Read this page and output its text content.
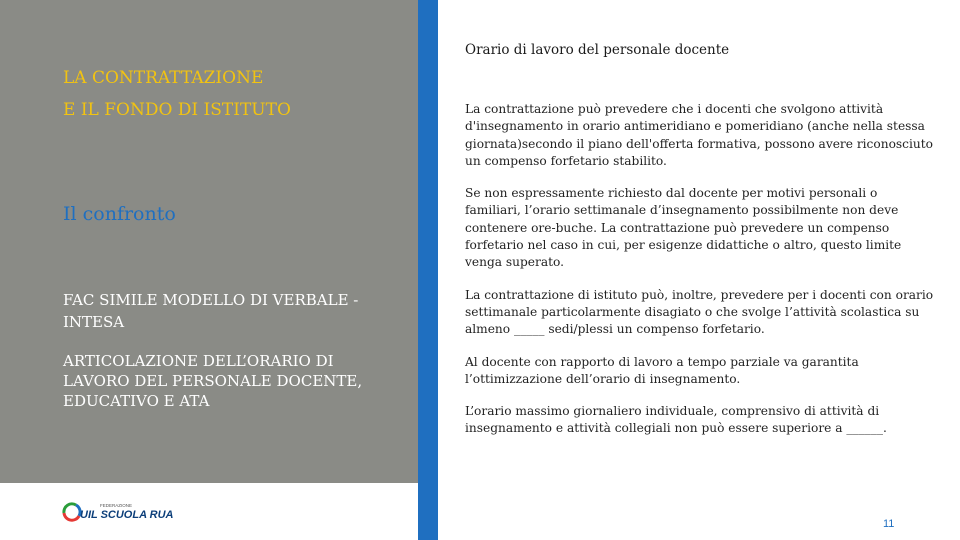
LA CONTRATTAZIONE
E IL FONDO DI ISTITUTO
Il confronto
FAC SIMILE MODELLO DI VERBALE -INTESA
ARTICOLAZIONE DELL’ORARIO DI LAVORO DEL PERSONALE DOCENTE, EDUCATIVO E ATA
FEDERAZIONE
UIL SCUOLA RUA
Orario di lavoro del personale docente

La contrattazione può prevedere che i docenti che svolgono attività d'insegnamento in orario antimeridiano e pomeridiano (anche nella stessa giornata)secondo il piano dell'offerta formativa, possono avere riconosciuto un compenso forfetario stabilito.

Se non espressamente richiesto dal docente per motivi personali o familiari, l’orario settimanale d’insegnamento possibilmente non deve contenere ore-buche. La contrattazione può prevedere un compenso forfetario nel caso in cui, per esigenze didattiche o altro, questo limite venga superato.

La contrattazione di istituto può, inoltre, prevedere per i docenti con orario settimanale particolarmente disagiato o che svolge l’attività scolastica su almeno _____ sedi/plessi un compenso forfetario.

Al docente con rapporto di lavoro a tempo parziale va garantita l’ottimizzazione dell’orario di insegnamento.

L’orario massimo giornaliero individuale, comprensivo di attività di insegnamento e attività collegiali non può essere superiore a ______.

11
